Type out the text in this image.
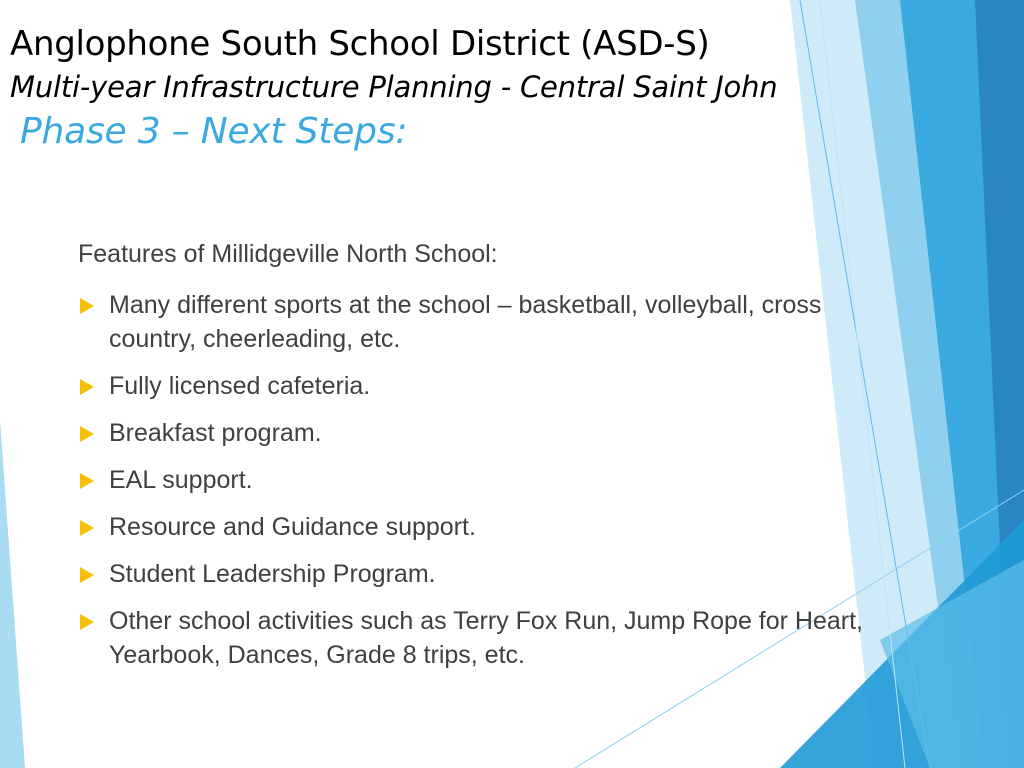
Anglophone South School District (ASD-S)
Multi-year Infrastructure Planning - Central Saint John
Phase 3 – Next Steps:
Features of Millidgeville North School:
Many different sports at the school – basketball, volleyball, cross country, cheerleading, etc.
Fully licensed cafeteria.
Breakfast program.
EAL support.
Resource and Guidance support.
Student Leadership Program.
Other school activities such as Terry Fox Run, Jump Rope for Heart, Yearbook, Dances, Grade 8 trips, etc.
